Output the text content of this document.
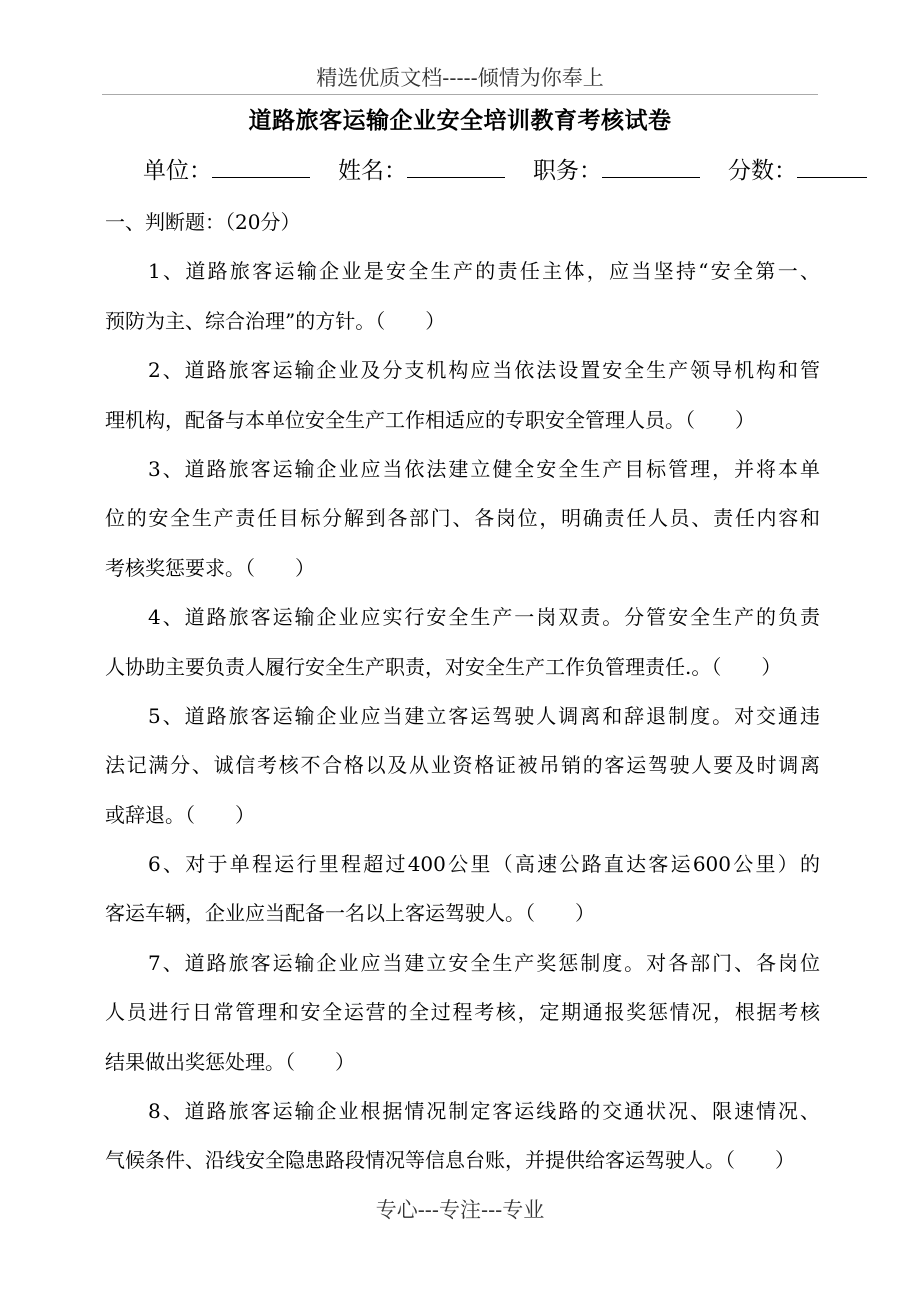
精选优质文档-----倾情为你奉上
道路旅客运输企业安全培训教育考核试卷
单位：	姓名：	职务：	分数：
一、判断题：（20分）
1、道路旅客运输企业是安全生产的责任主体，应当坚持“安全第一、
预防为主、综合治理”的方针。（　　）
2、道路旅客运输企业及分支机构应当依法设置安全生产领导机构和管
理机构，配备与本单位安全生产工作相适应的专职安全管理人员。（　　）
3、道路旅客运输企业应当依法建立健全安全生产目标管理，并将本单
位的安全生产责任目标分解到各部门、各岗位，明确责任人员、责任内容和
考核奖惩要求。（　　）
4、道路旅客运输企业应实行安全生产一岗双责。分管安全生产的负责
人协助主要负责人履行安全生产职责，对安全生产工作负管理责任.。（　　）
5、道路旅客运输企业应当建立客运驾驶人调离和辞退制度。对交通违
法记满分、诚信考核不合格以及从业资格证被吊销的客运驾驶人要及时调离
或辞退。（　　）
6、对于单程运行里程超过400公里（高速公路直达客运600公里）的
客运车辆，企业应当配备一名以上客运驾驶人。（　　）
7、道路旅客运输企业应当建立安全生产奖惩制度。对各部门、各岗位
人员进行日常管理和安全运营的全过程考核，定期通报奖惩情况，根据考核
结果做出奖惩处理。（　　）
8、道路旅客运输企业根据情况制定客运线路的交通状况、限速情况、
气候条件、沿线安全隐患路段情况等信息台账，并提供给客运驾驶人。（　　）
专心---专注---专业
